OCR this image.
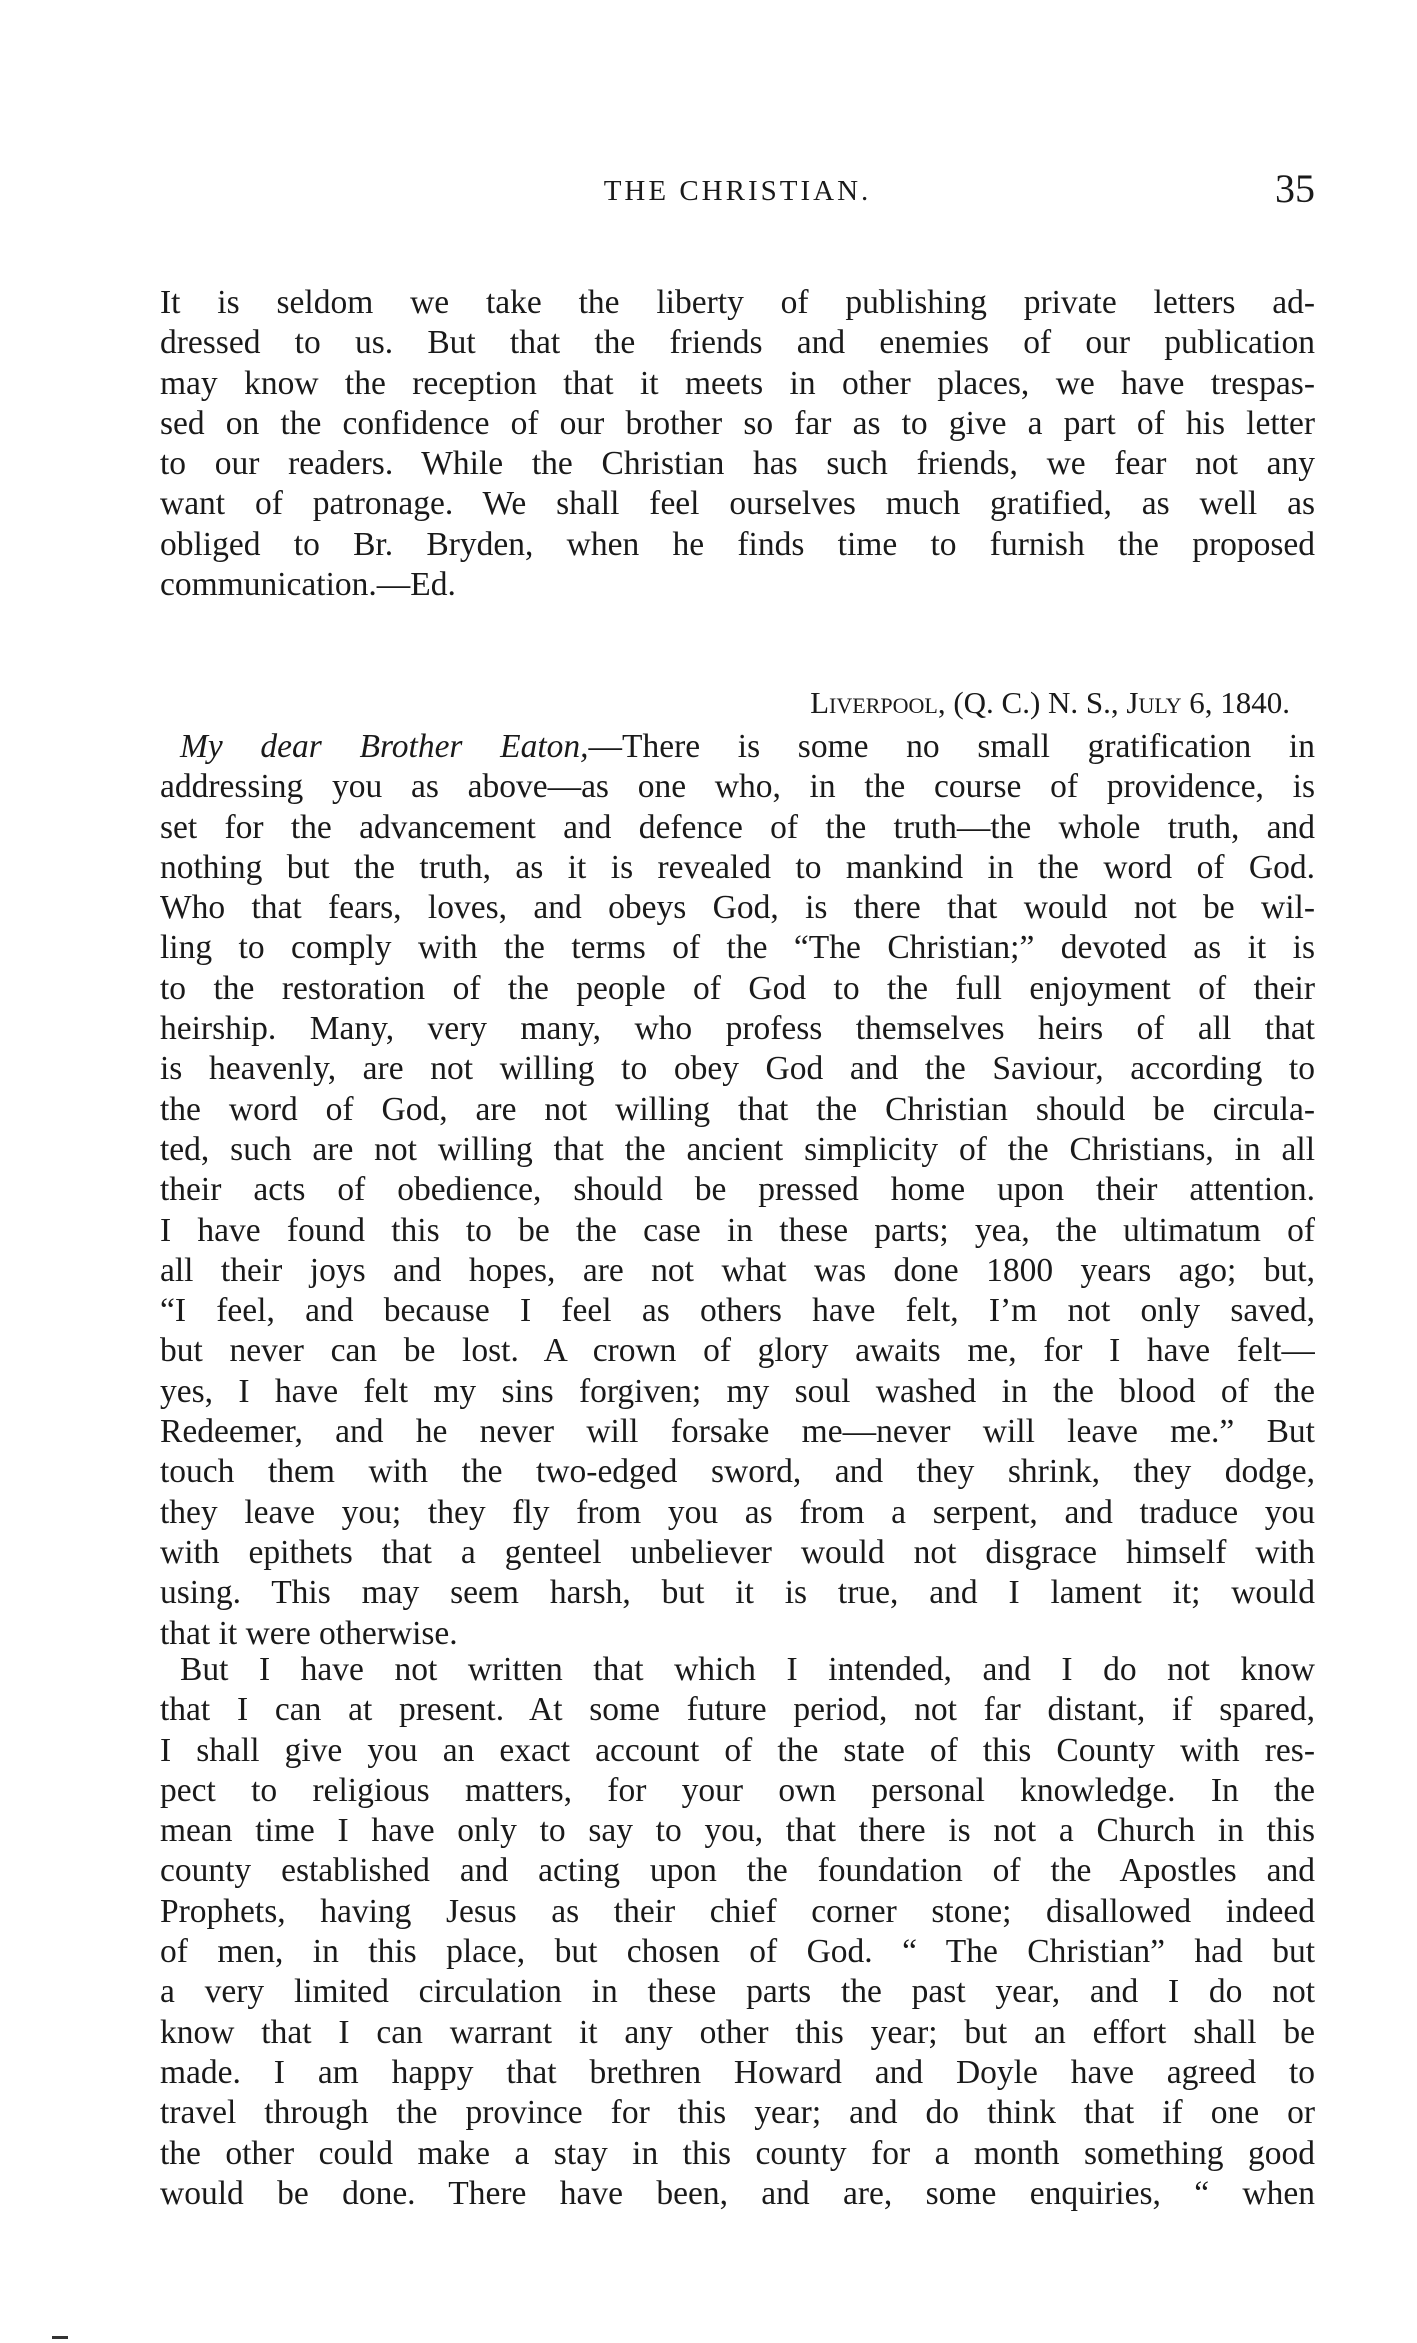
THE CHRISTIAN.	35
It is seldom we take the liberty of publishing private letters ad-
dressed to us. But that the friends and enemies of our publication
may know the reception that it meets in other places, we have trespas-
sed on the confidence of our brother so far as to give a part of his letter
to our readers. While the Christian has such friends, we fear not any
want of patronage. We shall feel ourselves much gratified, as well as
obliged to Br. Bryden, when he finds time to furnish the proposed
communication.—Ed.
Liverpool, (Q. C.) N. S., July 6, 1840.
My dear Brother Eaton,—There is some no small gratification in
addressing you as above—as one who, in the course of providence, is
set for the advancement and defence of the truth—the whole truth, and
nothing but the truth, as it is revealed to mankind in the word of God.
Who that fears, loves, and obeys God, is there that would not be wil-
ling to comply with the terms of the “The Christian;” devoted as it is
to the restoration of the people of God to the full enjoyment of their
heirship. Many, very many, who profess themselves heirs of all that
is heavenly, are not willing to obey God and the Saviour, according to
the word of God, are not willing that the Christian should be circula-
ted, such are not willing that the ancient simplicity of the Christians, in all
their acts of obedience, should be pressed home upon their attention.
I have found this to be the case in these parts; yea, the ultimatum of
all their joys and hopes, are not what was done 1800 years ago; but,
“I feel, and because I feel as others have felt, I’m not only saved,
but never can be lost. A crown of glory awaits me, for I have felt—
yes, I have felt my sins forgiven; my soul washed in the blood of the
Redeemer, and he never will forsake me—never will leave me.” But
touch them with the two-edged sword, and they shrink, they dodge,
they leave you; they fly from you as from a serpent, and traduce you
with epithets that a genteel unbeliever would not disgrace himself with
using. This may seem harsh, but it is true, and I lament it; would
that it were otherwise.
But I have not written that which I intended, and I do not know
that I can at present. At some future period, not far distant, if spared,
I shall give you an exact account of the state of this County with res-
pect to religious matters, for your own personal knowledge. In the
mean time I have only to say to you, that there is not a Church in this
county established and acting upon the foundation of the Apostles and
Prophets, having Jesus as their chief corner stone; disallowed indeed
of men, in this place, but chosen of God. “ The Christian” had but
a very limited circulation in these parts the past year, and I do not
know that I can warrant it any other this year; but an effort shall be
made. I am happy that brethren Howard and Doyle have agreed to
travel through the province for this year; and do think that if one or
the other could make a stay in this county for a month something good
would be done. There have been, and are, some enquiries, “ when
